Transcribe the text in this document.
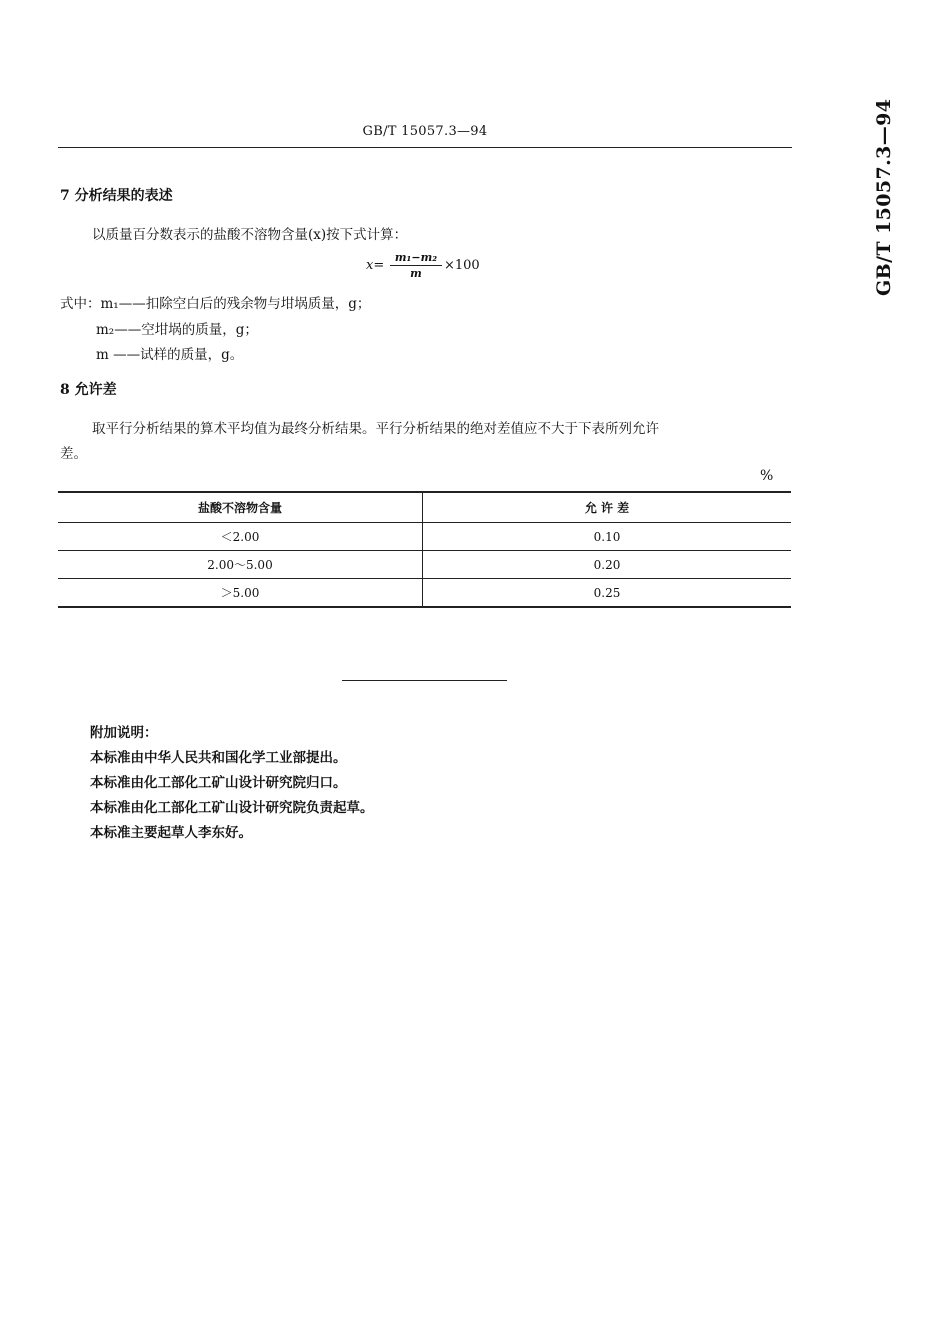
GB/T 15057.3—94	GB/T 15057.3—94
7 分析结果的表述
以质量百分数表示的盐酸不溶物含量(x)按下式计算：
x=
m₁−m₂
m
×100
式中：m₁——扣除空白后的残余物与坩埚质量，g；
m₂——空坩埚的质量，g；
m ——试样的质量，g。
8 允许差
取平行分析结果的算术平均值为最终分析结果。平行分析结果的绝对差值应不大于下表所列允许
差。
%
盐酸不溶物含量	允 许 差
＜2.00	0.10
2.00～5.00	0.20
＞5.00	0.25
附加说明：
本标准由中华人民共和国化学工业部提出。
本标准由化工部化工矿山设计研究院归口。
本标准由化工部化工矿山设计研究院负责起草。
本标准主要起草人李东好。
